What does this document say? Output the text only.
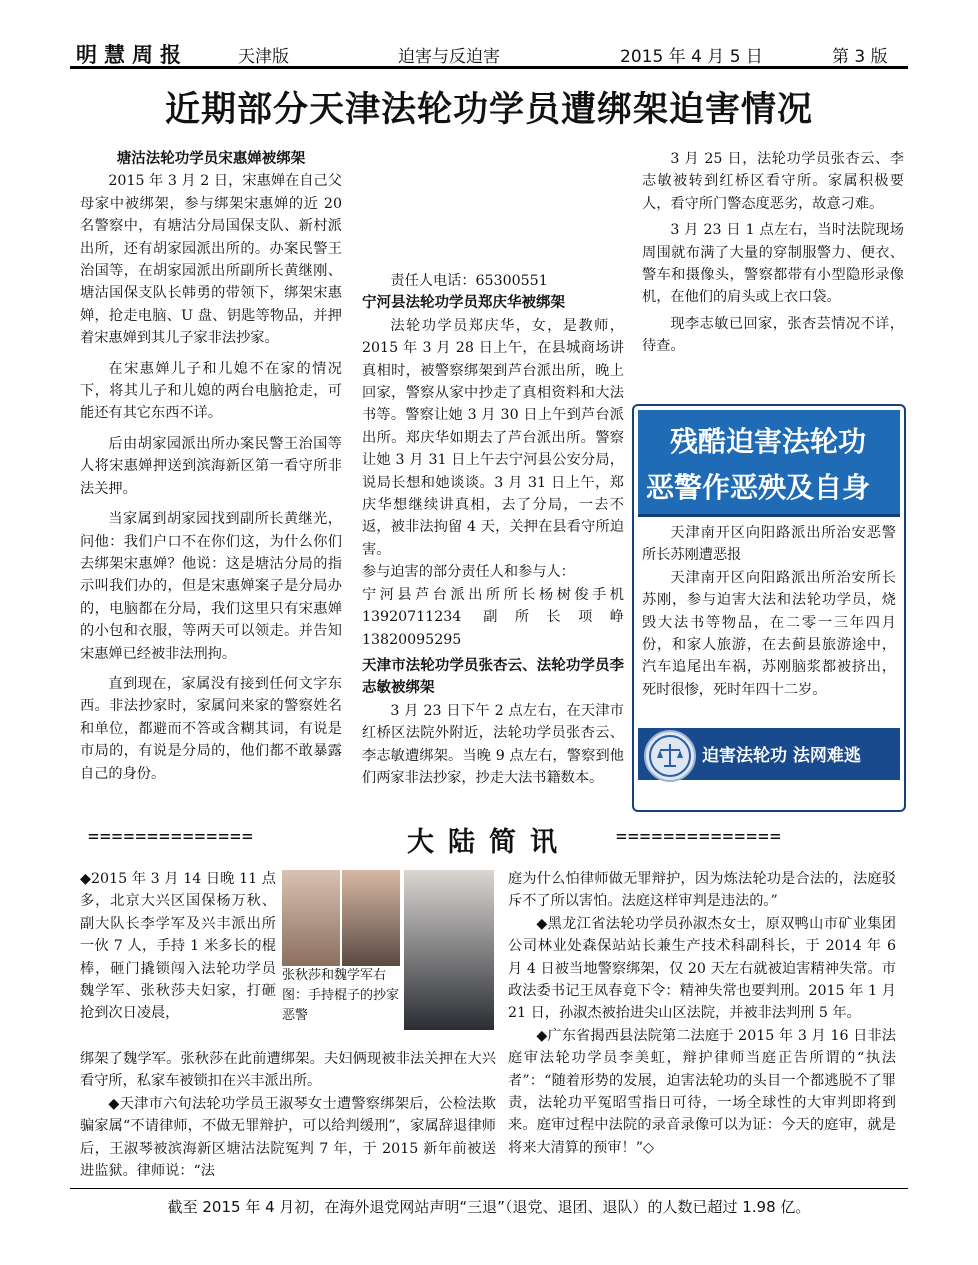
明慧周报	天津版	迫害与反迫害	2015 年 4 月 5 日	第 3 版
近期部分天津法轮功学员遭绑架迫害情况

塘沽法轮功学员宋惠婵被绑架

2015 年 3 月 2 日，宋惠婵在自己父母家中被绑架，参与绑架宋惠婵的近 20 名警察中，有塘沽分局国保支队、新村派出所，还有胡家园派出所的。办案民警王治国等，在胡家园派出所副所长黄继刚、塘沽国保支队长韩勇的带领下，绑架宋惠婵，抢走电脑、U 盘、钥匙等物品，并押着宋惠婵到其儿子家非法抄家。

在宋惠婵儿子和儿媳不在家的情况下，将其儿子和儿媳的两台电脑抢走，可能还有其它东西不详。

后由胡家园派出所办案民警王治国等人将宋惠婵押送到滨海新区第一看守所非法关押。

当家属到胡家园找到副所长黄继光，问他：我们户口不在你们这，为什么你们去绑架宋惠婵？他说：这是塘沽分局的指示叫我们办的，但是宋惠婵案子是分局办的，电脑都在分局，我们这里只有宋惠婵的小包和衣服，等两天可以领走。并告知宋惠婵已经被非法刑拘。

直到现在，家属没有接到任何文字东西。非法抄家时，家属问来家的警察姓名和单位，都避而不答或含糊其词，有说是市局的，有说是分局的，他们都不敢暴露自己的身份。

责任人电话：65300551

宁河县法轮功学员郑庆华被绑架

法轮功学员郑庆华，女，是教师，2015 年 3 月 28 日上午，在县城商场讲真相时，被警察绑架到芦台派出所，晚上回家，警察从家中抄走了真相资料和大法书等。警察让她 3 月 30 日上午到芦台派出所。郑庆华如期去了芦台派出所。警察让她 3 月 31 日上午去宁河县公安分局，说局长想和她谈谈。3 月 31 日上午，郑庆华想继续讲真相，去了分局，一去不返，被非法拘留 4 天，关押在县看守所迫害。

参与迫害的部分责任人和参与人：

宁河县芦台派出所所长杨树俊手机 13920711234 副所长项峥 13820095295

天津市法轮功学员张杏云、法轮功学员李志敏被绑架

3 月 23 日下午 2 点左右，在天津市红桥区法院外附近，法轮功学员张杏云、李志敏遭绑架。当晚 9 点左右，警察到他们两家非法抄家，抄走大法书籍数本。

3 月 25 日，法轮功学员张杏云、李志敏被转到红桥区看守所。家属积极要人，看守所门警态度恶劣，故意刁难。

3 月 23 日 1 点左右，当时法院现场周围就布满了大量的穿制服警力、便衣、警车和摄像头，警察都带有小型隐形录像机，在他们的肩头或上衣口袋。

现李志敏已回家，张杏芸情况不详，待查。

残酷迫害法轮功
恶警作恶殃及自身

天津南开区向阳路派出所治安恶警所长苏刚遭恶报

天津南开区向阳路派出所治安所长苏刚，参与迫害大法和法轮功学员，烧毁大法书等物品，在二零一三年四月份，和家人旅游，在去蓟县旅游途中，汽车追尾出车祸，苏刚脑浆都被挤出，死时很惨，死时年四十二岁。

迫害法轮功 法网难逃
==============	大陆简讯	==============

◆2015 年 3 月 14 日晚 11 点多，北京大兴区国保杨万秋、副大队长李学军及兴丰派出所一伙 7 人，手持 1 米多长的棍棒，砸门撬锁闯入法轮功学员魏学军、张秋莎夫妇家，打砸抢到次日凌晨，

张秋莎和魏学军右图：手持棍子的抄家恶警

绑架了魏学军。张秋莎在此前遭绑架。夫妇俩现被非法关押在大兴看守所，私家车被锁扣在兴丰派出所。

◆天津市六旬法轮功学员王淑琴女士遭警察绑架后，公检法欺骗家属“不请律师，不做无罪辩护，可以给判缓刑”，家属辞退律师后，王淑琴被滨海新区塘沽法院冤判 7 年，于 2015 新年前被送进监狱。律师说：“法

庭为什么怕律师做无罪辩护，因为炼法轮功是合法的，法庭驳斥不了所以害怕。法庭这样审判是违法的。”

◆黑龙江省法轮功学员孙淑杰女士，原双鸭山市矿业集团公司林业处森保站站长兼生产技术科副科长，于 2014 年 6 月 4 日被当地警察绑架，仅 20 天左右就被迫害精神失常。市政法委书记王凤春竟下令：精神失常也要判刑。2015 年 1 月 21 日，孙淑杰被抬进尖山区法院，并被非法判刑 5 年。

◆广东省揭西县法院第二法庭于 2015 年 3 月 16 日非法庭审法轮功学员李美虹，辩护律师当庭正告所谓的“执法者”：“随着形势的发展，迫害法轮功的头目一个都逃脱不了罪责，法轮功平冤昭雪指日可待，一场全球性的大审判即将到来。庭审过程中法院的录音录像可以为证：今天的庭审，就是将来大清算的预审！”◇

截至 2015 年 4 月初，在海外退党网站声明“三退”（退党、退团、退队）的人数已超过 1.98 亿。
